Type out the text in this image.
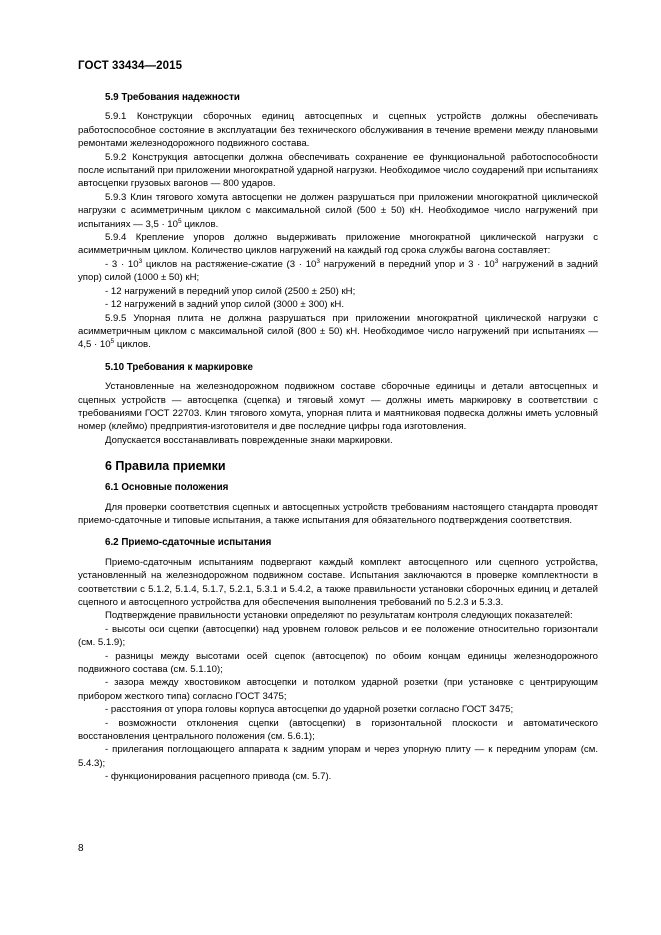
ГОСТ 33434—2015
5.9 Требования надежности

5.9.1 Конструкции сборочных единиц автосцепных и сцепных устройств должны обеспечивать работоспособное состояние в эксплуатации без технического обслуживания в течение времени между плановыми ремонтами железнодорожного подвижного состава.

5.9.2 Конструкция автосцепки должна обеспечивать сохранение ее функциональной работоспособности после испытаний при приложении многократной ударной нагрузки. Необходимое число соударений при испытаниях автосцепки грузовых вагонов — 800 ударов.

5.9.3 Клин тягового хомута автосцепки не должен разрушаться при приложении многократной циклической нагрузки с асимметричным циклом с максимальной силой (500 ± 50) кН. Необходимое число нагружений при испытаниях — $3,5 \cdot 10^5$ циклов.

5.9.4 Крепление упоров должно выдерживать приложение многократной циклической нагрузки с асимметричным циклом. Количество циклов нагружений на каждый год срока службы вагона составляет:

- $3 \cdot 10^3$ циклов на растяжение-сжатие ($3 \cdot 10^3$ нагружений в передний упор и $3 \cdot 10^3$ нагружений в задний упор) силой (1000 ± 50) кН;

- 12 нагружений в передний упор силой (2500 ± 250) кН;

- 12 нагружений в задний упор силой (3000 ± 300) кН.

5.9.5 Упорная плита не должна разрушаться при приложении многократной циклической нагрузки с асимметричным циклом с максимальной силой (800 ± 50) кН. Необходимое число нагружений при испытаниях — $4,5 \cdot 10^5$ циклов.

5.10 Требования к маркировке

Установленные на железнодорожном подвижном составе сборочные единицы и детали автосцепных и сцепных устройств — автосцепка (сцепка) и тяговый хомут — должны иметь маркировку в соответствии с требованиями ГОСТ 22703. Клин тягового хомута, упорная плита и маятниковая подвеска должны иметь условный номер (клеймо) предприятия-изготовителя и две последние цифры года изготовления.

Допускается восстанавливать поврежденные знаки маркировки.

6 Правила приемки
6.1 Основные положения

Для проверки соответствия сцепных и автосцепных устройств требованиям настоящего стандарта проводят приемо-сдаточные и типовые испытания, а также испытания для обязательного подтверждения соответствия.

6.2 Приемо-сдаточные испытания

Приемо-сдаточным испытаниям подвергают каждый комплект автосцепного или сцепного устройства, установленный на железнодорожном подвижном составе. Испытания заключаются в проверке комплектности в соответствии с 5.1.2, 5.1.4, 5.1.7, 5.2.1, 5.3.1 и 5.4.2, а также правильности установки сборочных единиц и деталей сцепного и автосцепного устройства для обеспечения выполнения требований по 5.2.3 и 5.3.3.

Подтверждение правильности установки определяют по результатам контроля следующих показателей:

- высоты оси сцепки (автосцепки) над уровнем головок рельсов и ее положение относительно горизонтали (см. 5.1.9);

- разницы между высотами осей сцепок (автосцепок) по обоим концам единицы железнодорожного подвижного состава (см. 5.1.10);

- зазора между хвостовиком автосцепки и потолком ударной розетки (при установке с центрирующим прибором жесткого типа) согласно ГОСТ 3475;

- расстояния от упора головы корпуса автосцепки до ударной розетки согласно ГОСТ 3475;

- возможности отклонения сцепки (автосцепки) в горизонтальной плоскости и автоматического восстановления центрального положения (см. 5.6.1);

- прилегания поглощающего аппарата к задним упорам и через упорную плиту — к передним упорам (см. 5.4.3);

- функционирования расцепного привода (см. 5.7).

8
